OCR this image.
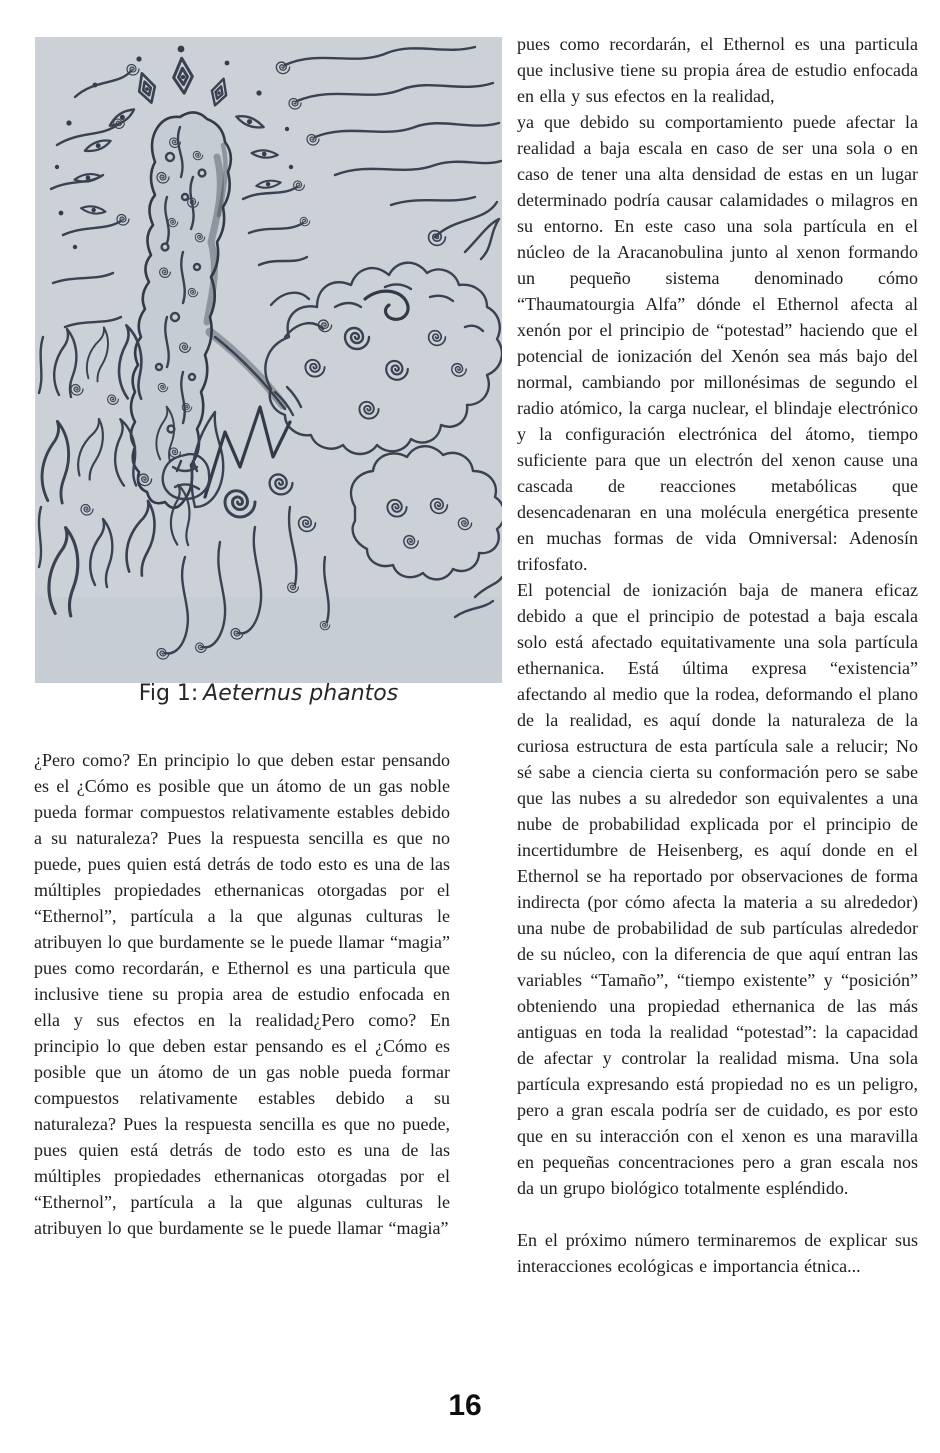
Fig 1: Aeternus phantos

¿Pero como? En principio lo que deben estar pensando es el ¿Cómo es posible que un átomo de un gas noble pueda formar compuestos relativamente estables debido a su naturaleza? Pues la respuesta sencilla es que no puede, pues quien está detrás de todo esto es una de las múltiples propiedades ethernanicas otorgadas por el “Ethernol”, partícula a la que algunas culturas le atribuyen lo que burdamente se le puede llamar “magia” pues como recordarán, e Ethernol es una particula que inclusive tiene su propia area de estudio enfocada en ella y sus efectos en la realidad¿Pero como? En principio lo que deben estar pensando es el ¿Cómo es posible que un átomo de un gas noble pueda formar compuestos relativamente estables debido a su naturaleza? Pues la respuesta sencilla es que no puede, pues quien está detrás de todo esto es una de las múltiples propiedades ethernanicas otorgadas por el “Ethernol”, partícula a la que algunas culturas le atribuyen lo que burdamente se le puede llamar “magia”

pues como recordarán, el Ethernol es una particula que inclusive tiene su propia área de estudio enfocada en ella y sus efectos en la realidad,

ya que debido su comportamiento puede afectar la realidad a baja escala en caso de ser una sola o en caso de tener una alta densidad de estas en un lugar determinado podría causar calamidades o milagros en su entorno. En este caso una sola partícula en el núcleo de la Aracanobulina junto al xenon formando un pequeño sistema denominado cómo “Thaumatourgia Alfa” dónde el Ethernol afecta al xenón por el principio de “potestad” haciendo que el potencial de ionización del Xenón sea más bajo del normal, cambiando por millonésimas de segundo el radio atómico, la carga nuclear, el blindaje electrónico y la configuración electrónica del átomo, tiempo suficiente para que un electrón del xenon cause una cascada de reacciones metabólicas que desencadenaran en una molécula energética presente en muchas formas de vida Omniversal: Adenosín trifosfato.

El potencial de ionización baja de manera eficaz debido a que el principio de potestad a baja escala solo está afectado equitativamente una sola partícula ethernanica. Está última expresa “existencia” afectando al medio que la rodea, deformando el plano de la realidad, es aquí donde la naturaleza de la curiosa estructura de esta partícula sale a relucir; No sé sabe a ciencia cierta su conformación pero se sabe que las nubes a su alrededor son equivalentes a una nube de probabilidad explicada por el principio de incertidumbre de Heisenberg, es aquí donde en el Ethernol se ha reportado por observaciones de forma indirecta (por cómo afecta la materia a su alrededor) una nube de probabilidad de sub partículas alrededor de su núcleo, con la diferencia de que aquí entran las variables “Tamaño”, “tiempo existente” y “posición” obteniendo una propiedad ethernanica de las más antiguas en toda la realidad “potestad”: la capacidad de afectar y controlar la realidad misma. Una sola partícula expresando está propiedad no es un peligro, pero a gran escala podría ser de cuidado, es por esto que en su interacción con el xenon es una maravilla en pequeñas concentraciones pero a gran escala nos da un grupo biológico totalmente espléndido.

En el próximo número terminaremos de explicar sus interacciones ecológicas e importancia étnica...

16
